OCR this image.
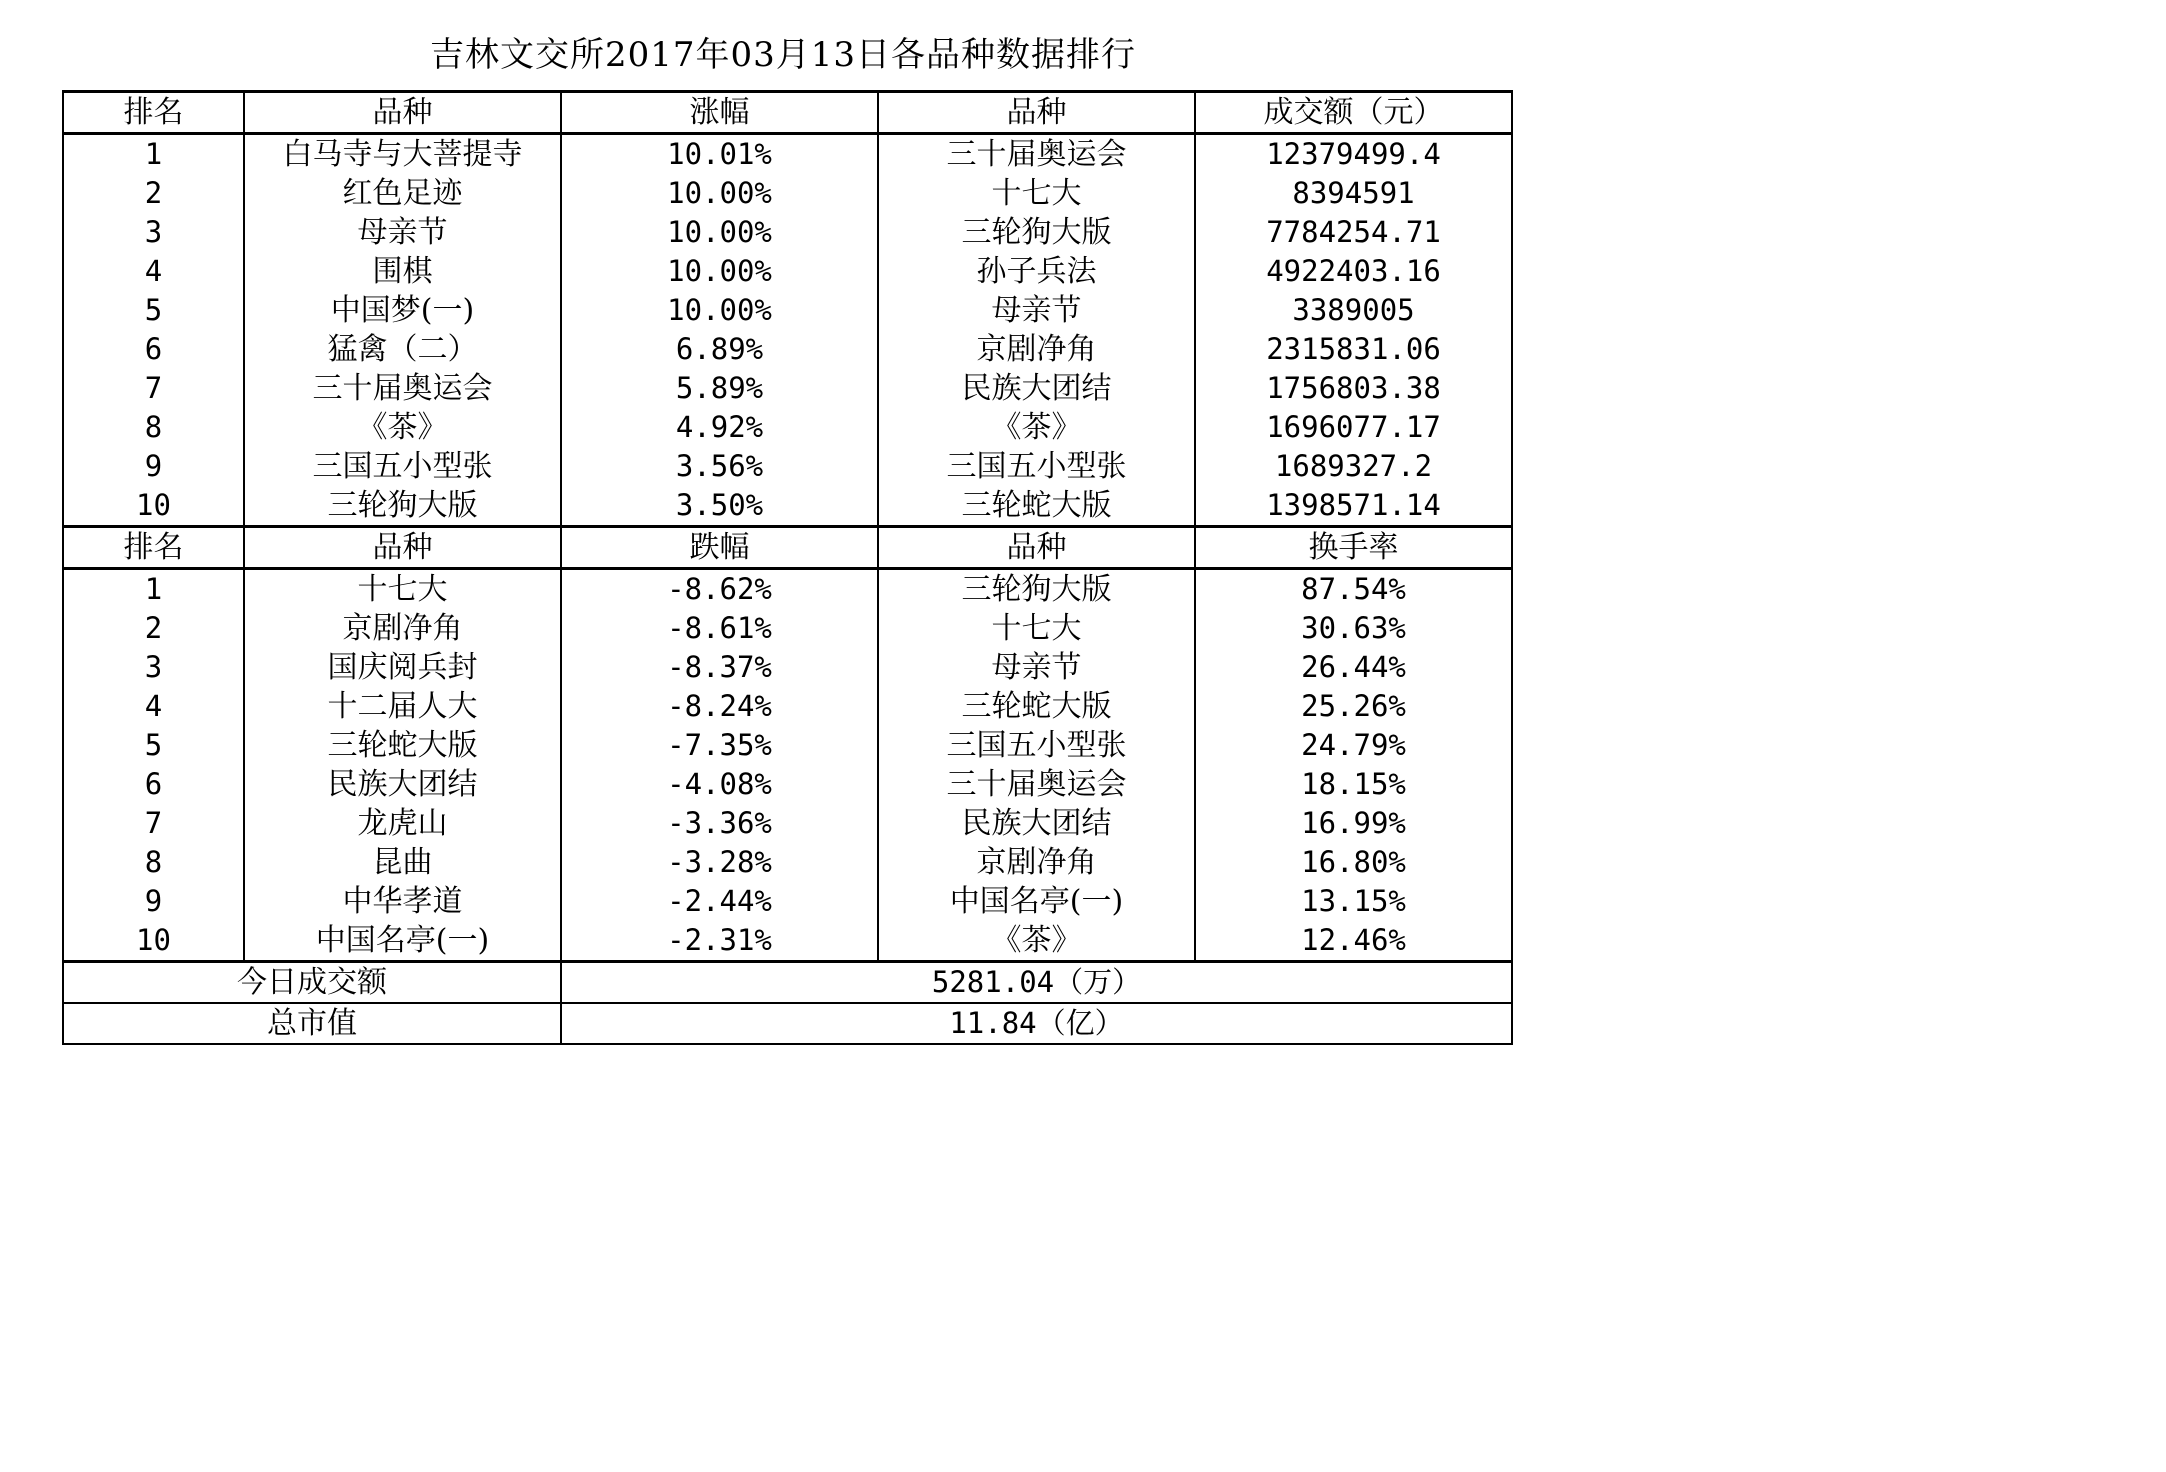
吉林文交所2017年03月13日各品种数据排行
排名	品种	涨幅	品种	成交额（元）
1	白马寺与大菩提寺	10.01%	三十届奥运会	12379499.4
2	红色足迹	10.00%	十七大	8394591
3	母亲节	10.00%	三轮狗大版	7784254.71
4	围棋	10.00%	孙子兵法	4922403.16
5	中国梦(一)	10.00%	母亲节	3389005
6	猛禽（二）	6.89%	京剧净角	2315831.06
7	三十届奥运会	5.89%	民族大团结	1756803.38
8	《茶》	4.92%	《茶》	1696077.17
9	三国五小型张	3.56%	三国五小型张	1689327.2
10	三轮狗大版	3.50%	三轮蛇大版	1398571.14
排名	品种	跌幅	品种	换手率
1	十七大	-8.62%	三轮狗大版	87.54%
2	京剧净角	-8.61%	十七大	30.63%
3	国庆阅兵封	-8.37%	母亲节	26.44%
4	十二届人大	-8.24%	三轮蛇大版	25.26%
5	三轮蛇大版	-7.35%	三国五小型张	24.79%
6	民族大团结	-4.08%	三十届奥运会	18.15%
7	龙虎山	-3.36%	民族大团结	16.99%
8	昆曲	-3.28%	京剧净角	16.80%
9	中华孝道	-2.44%	中国名亭(一)	13.15%
10	中国名亭(一)	-2.31%	《茶》	12.46%
今日成交额		5281.04（万）		
总市值		11.84（亿）		
